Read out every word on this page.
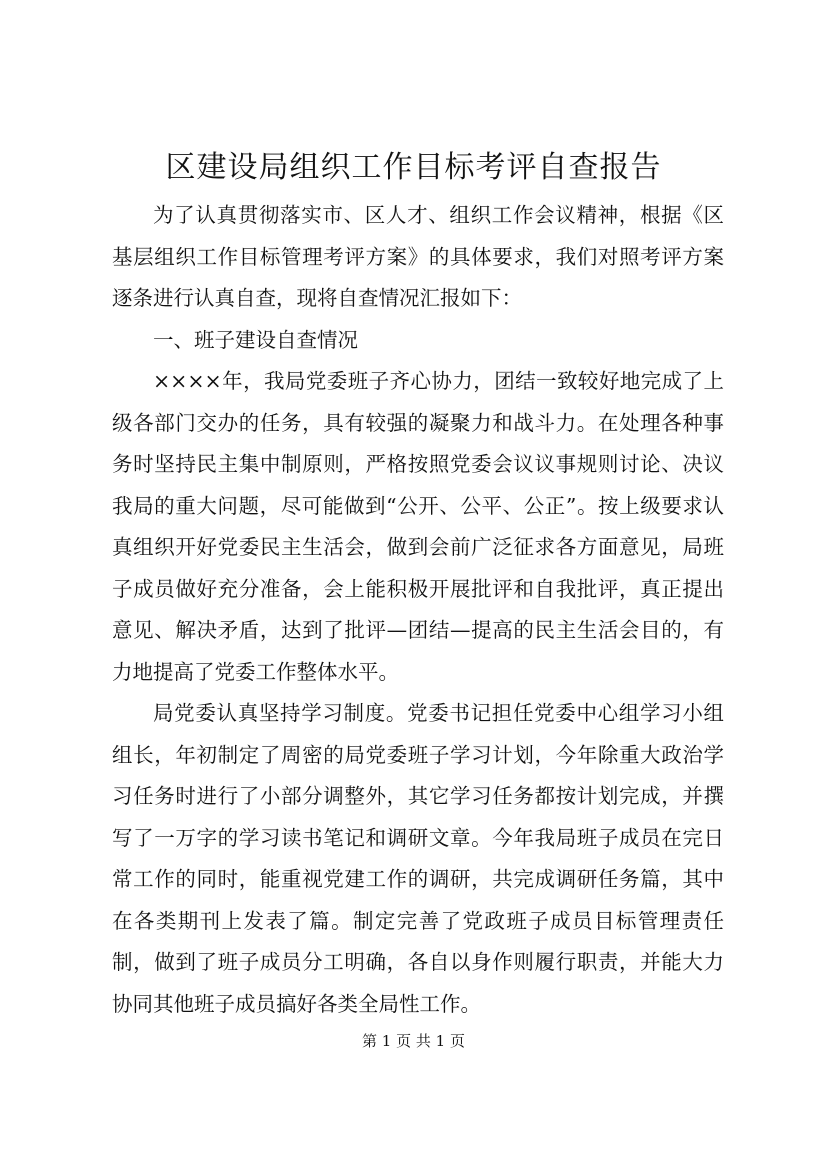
区建设局组织工作目标考评自查报告

为了认真贯彻落实市、区人才、组织工作会议精神，根据《区基层组织工作目标管理考评方案》的具体要求，我们对照考评方案逐条进行认真自查，现将自查情况汇报如下：

一、班子建设自查情况

××××年，我局党委班子齐心协力，团结一致较好地完成了上级各部门交办的任务，具有较强的凝聚力和战斗力。在处理各种事务时坚持民主集中制原则，严格按照党委会议议事规则讨论、决议我局的重大问题，尽可能做到“公开、公平、公正”。按上级要求认真组织开好党委民主生活会，做到会前广泛征求各方面意见，局班子成员做好充分准备，会上能积极开展批评和自我批评，真正提出意见、解决矛盾，达到了批评—团结—提高的民主生活会目的，有力地提高了党委工作整体水平。

局党委认真坚持学习制度。党委书记担任党委中心组学习小组组长，年初制定了周密的局党委班子学习计划，今年除重大政治学习任务时进行了小部分调整外，其它学习任务都按计划完成，并撰写了一万字的学习读书笔记和调研文章。今年我局班子成员在完日常工作的同时，能重视党建工作的调研，共完成调研任务篇，其中在各类期刊上发表了篇。制定完善了党政班子成员目标管理责任制，做到了班子成员分工明确，各自以身作则履行职责，并能大力协同其他班子成员搞好各类全局性工作。

第 1 页 共 1 页
